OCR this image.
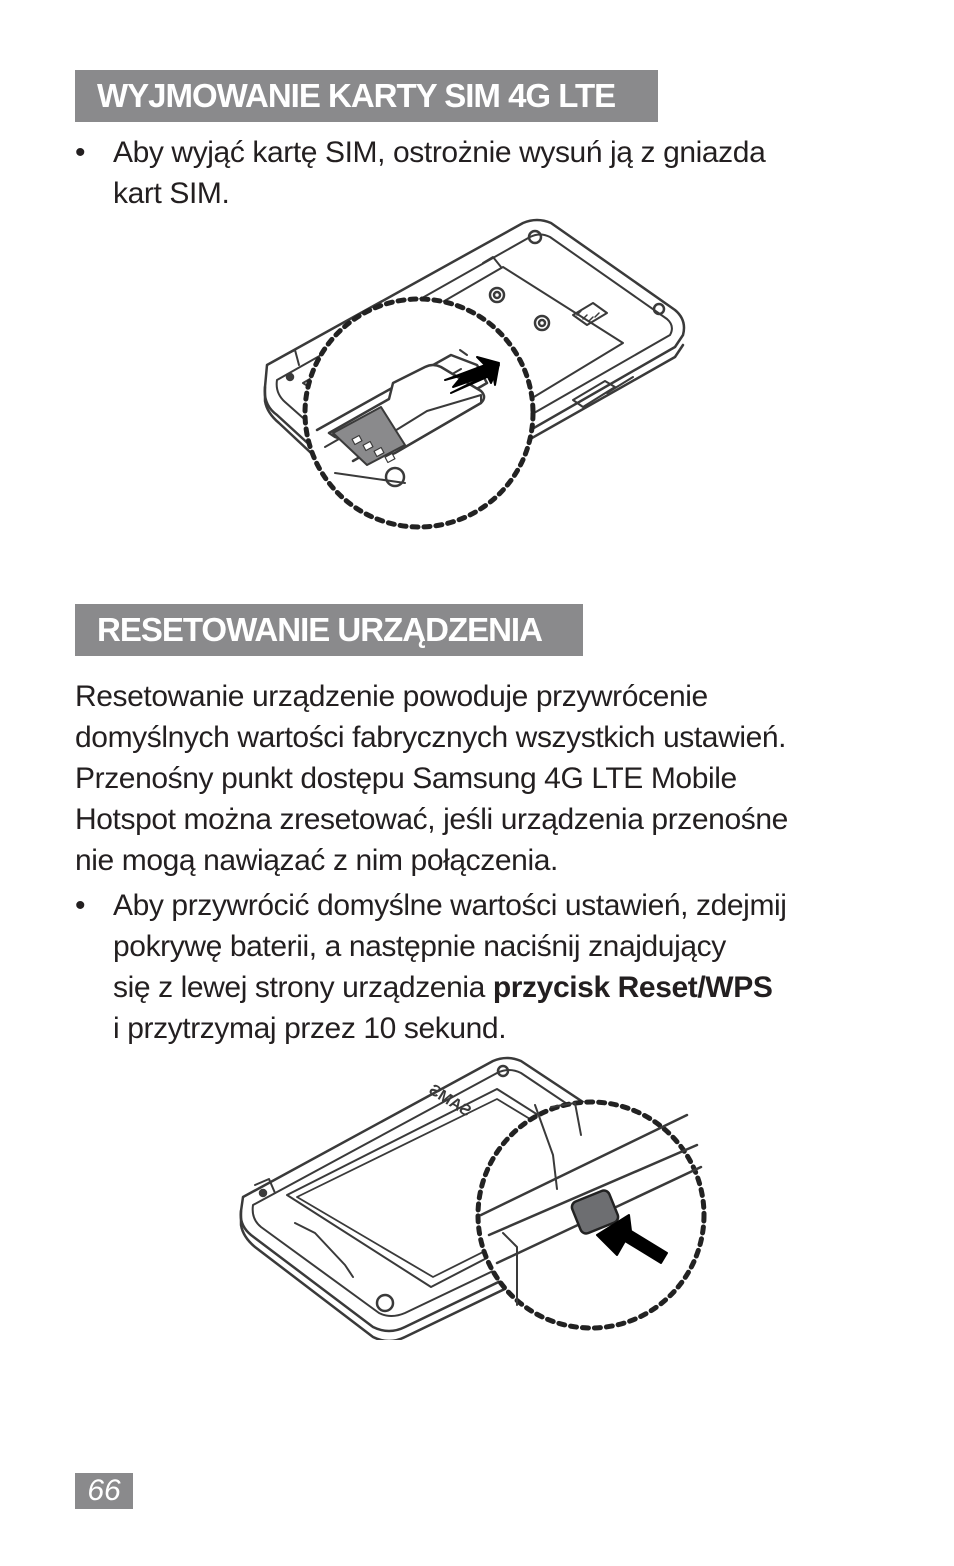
WYJMOWANIE KARTY SIM 4G LTE
• Aby wyjąć kartę SIM, ostrożnie wysuń ją z gniazda
kart SIM.
RESETOWANIE URZĄDZENIA
Resetowanie urządzenie powoduje przywrócenie
domyślnych wartości fabrycznych wszystkich ustawień.
Przenośny punkt dostępu Samsung 4G LTE Mobile
Hotspot można zresetować, jeśli urządzenia przenośne
nie mogą nawiązać z nim połączenia.
• Aby przywrócić domyślne wartości ustawień, zdejmij
pokrywę baterii, a następnie naciśnij znajdujący
się z lewej strony urządzenia przycisk Reset/WPS
i przytrzymaj przez 10 sekund.
SAMS
66
